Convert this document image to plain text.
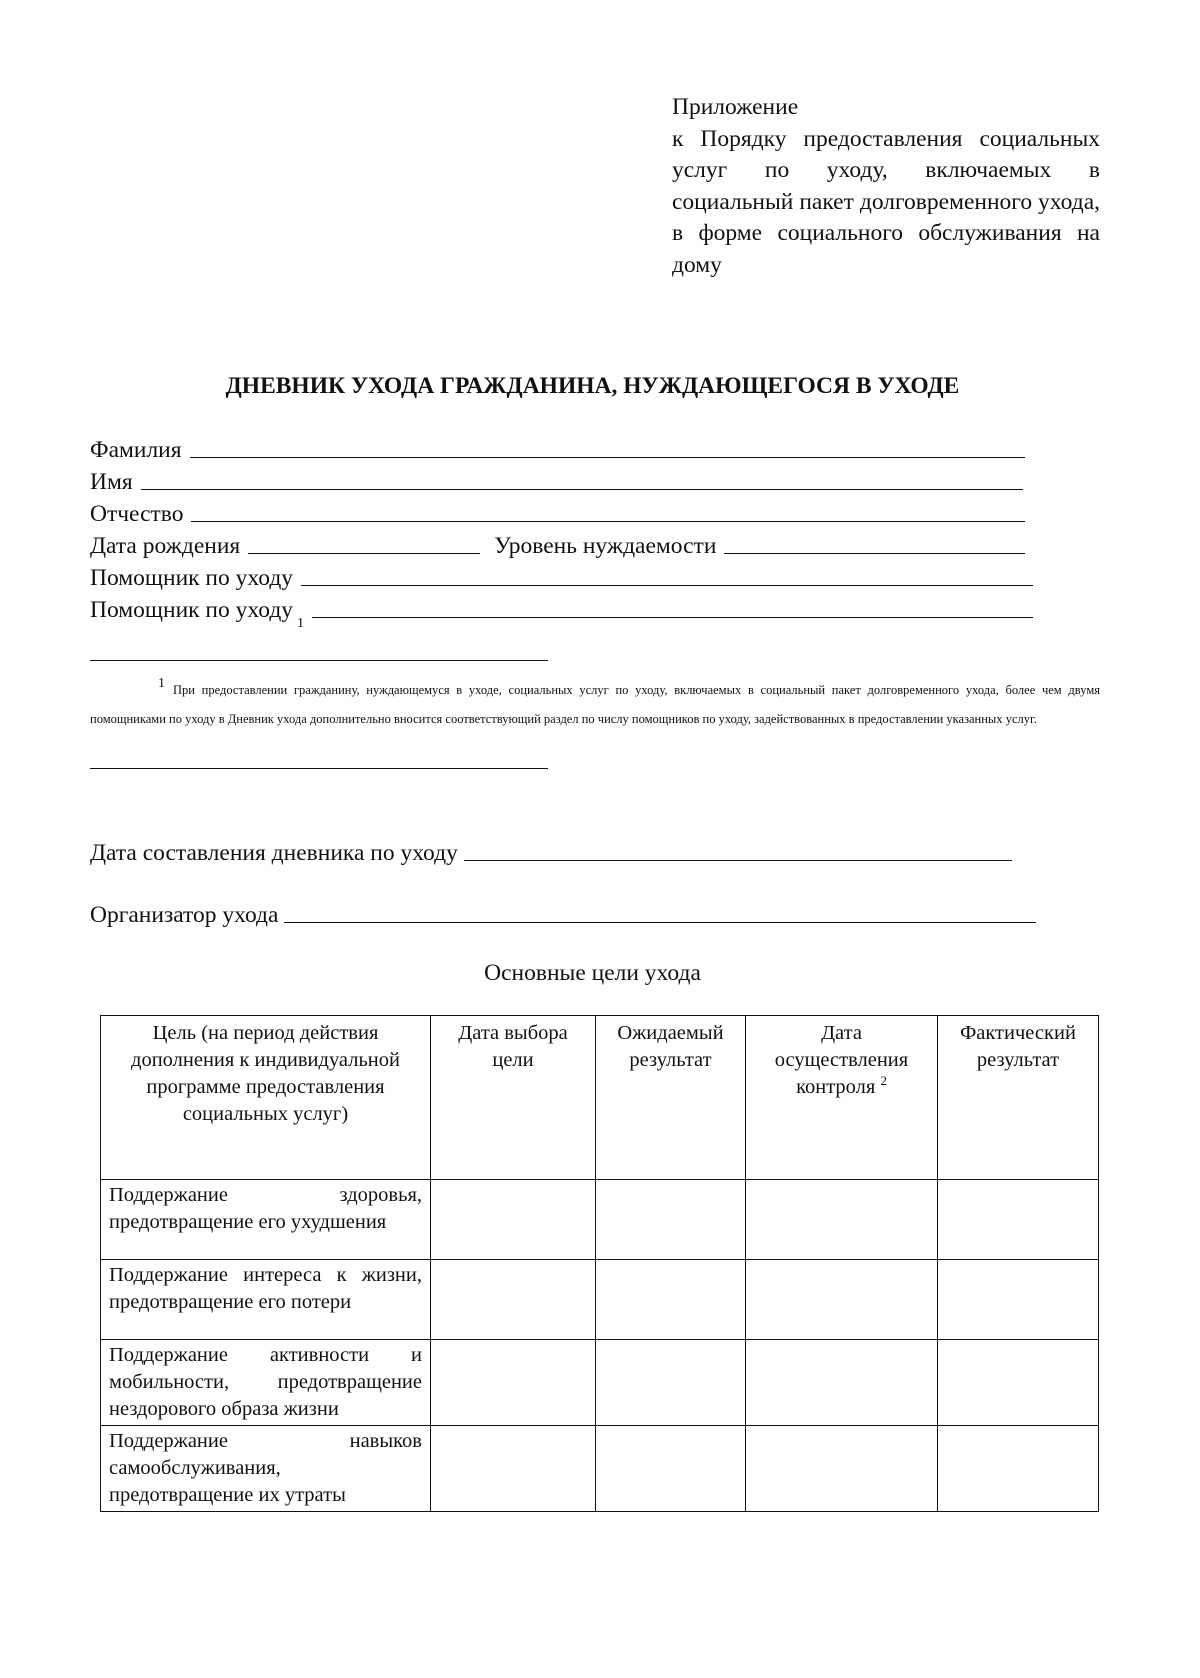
Приложение
к Порядку предоставления социальных услуг по уходу, включаемых в социальный пакет долговременного ухода, в форме социального обслуживания на дому
ДНЕВНИК УХОДА ГРАЖДАНИНА, НУЖДАЮЩЕГОСЯ В УХОДЕ
Фамилия
Имя
Отчество
Дата рождения	Уровень нуждаемости
Помощник по уходу
Помощник по уходу
1
1 При предоставлении гражданину, нуждающемуся в уходе, социальных услуг по уходу, включаемых в социальный пакет долговременного ухода, более чем двумя помощниками по уходу в Дневник ухода дополнительно вносится соответствующий раздел по числу помощников по уходу, задействованных в предоставлении указанных услуг.
Дата составления дневника по уходу
Организатор ухода
Основные цели ухода
Цель (на период действия дополнения к индивидуальной программе предоставления социальных услуг)	Дата выбора цели	Ожидаемый результат	Дата осуществления контроля $^2$	Фактический результат
Поддержание здоровья, предотвращение его ухудшения				
Поддержание интереса к жизни, предотвращение его потери				
Поддержание активности и мобильности, предотвращение нездорового образа жизни				
Поддержание навыков самообслуживания, предотвращение их утраты				
